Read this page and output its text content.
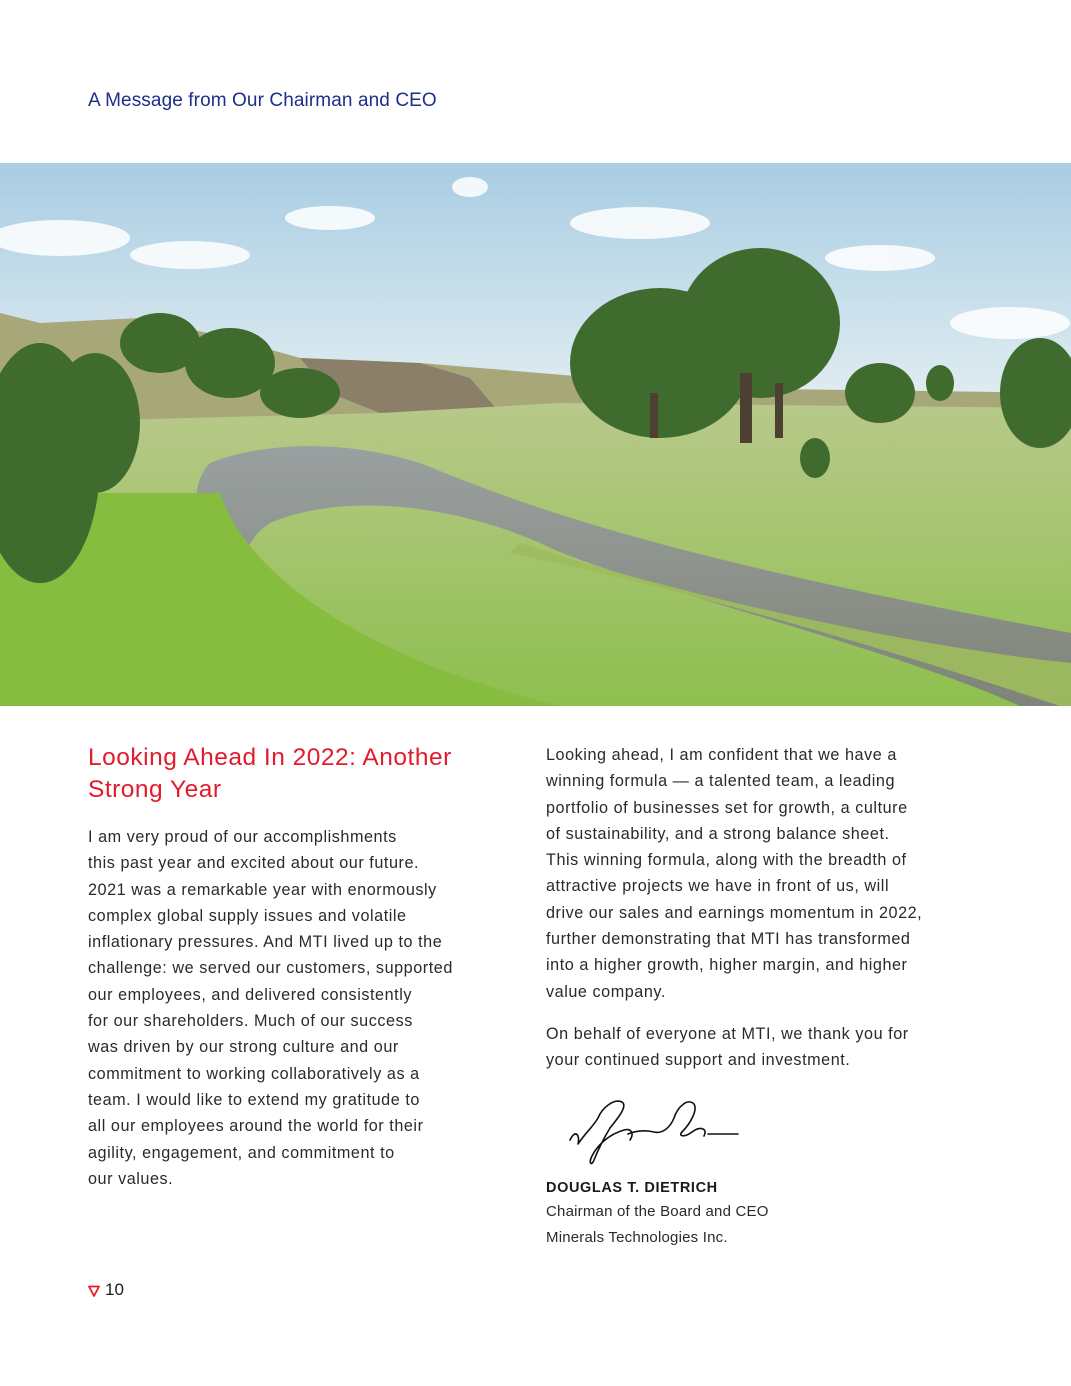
A Message from Our Chairman and CEO
Looking Ahead In 2022: Another
Strong Year

I am very proud of our accomplishments
this past year and excited about our future.
2021 was a remarkable year with enormously
complex global supply issues and volatile
inflationary pressures. And MTI lived up to the
challenge: we served our customers, supported
our employees, and delivered consistently
for our shareholders. Much of our success
was driven by our strong culture and our
commitment to working collaboratively as a
team. I would like to extend my gratitude to
all our employees around the world for their
agility, engagement, and commitment to
our values.

Looking ahead, I am confident that we have a
winning formula — a talented team, a leading
portfolio of businesses set for growth, a culture
of sustainability, and a strong balance sheet.
This winning formula, along with the breadth of
attractive projects we have in front of us, will
drive our sales and earnings momentum in 2022,
further demonstrating that MTI has transformed
into a higher growth, higher margin, and higher
value company.

On behalf of everyone at MTI, we thank you for
your continued support and investment.

DOUGLAS T. DIETRICH
Chairman of the Board and CEO
Minerals Technologies Inc.
10
